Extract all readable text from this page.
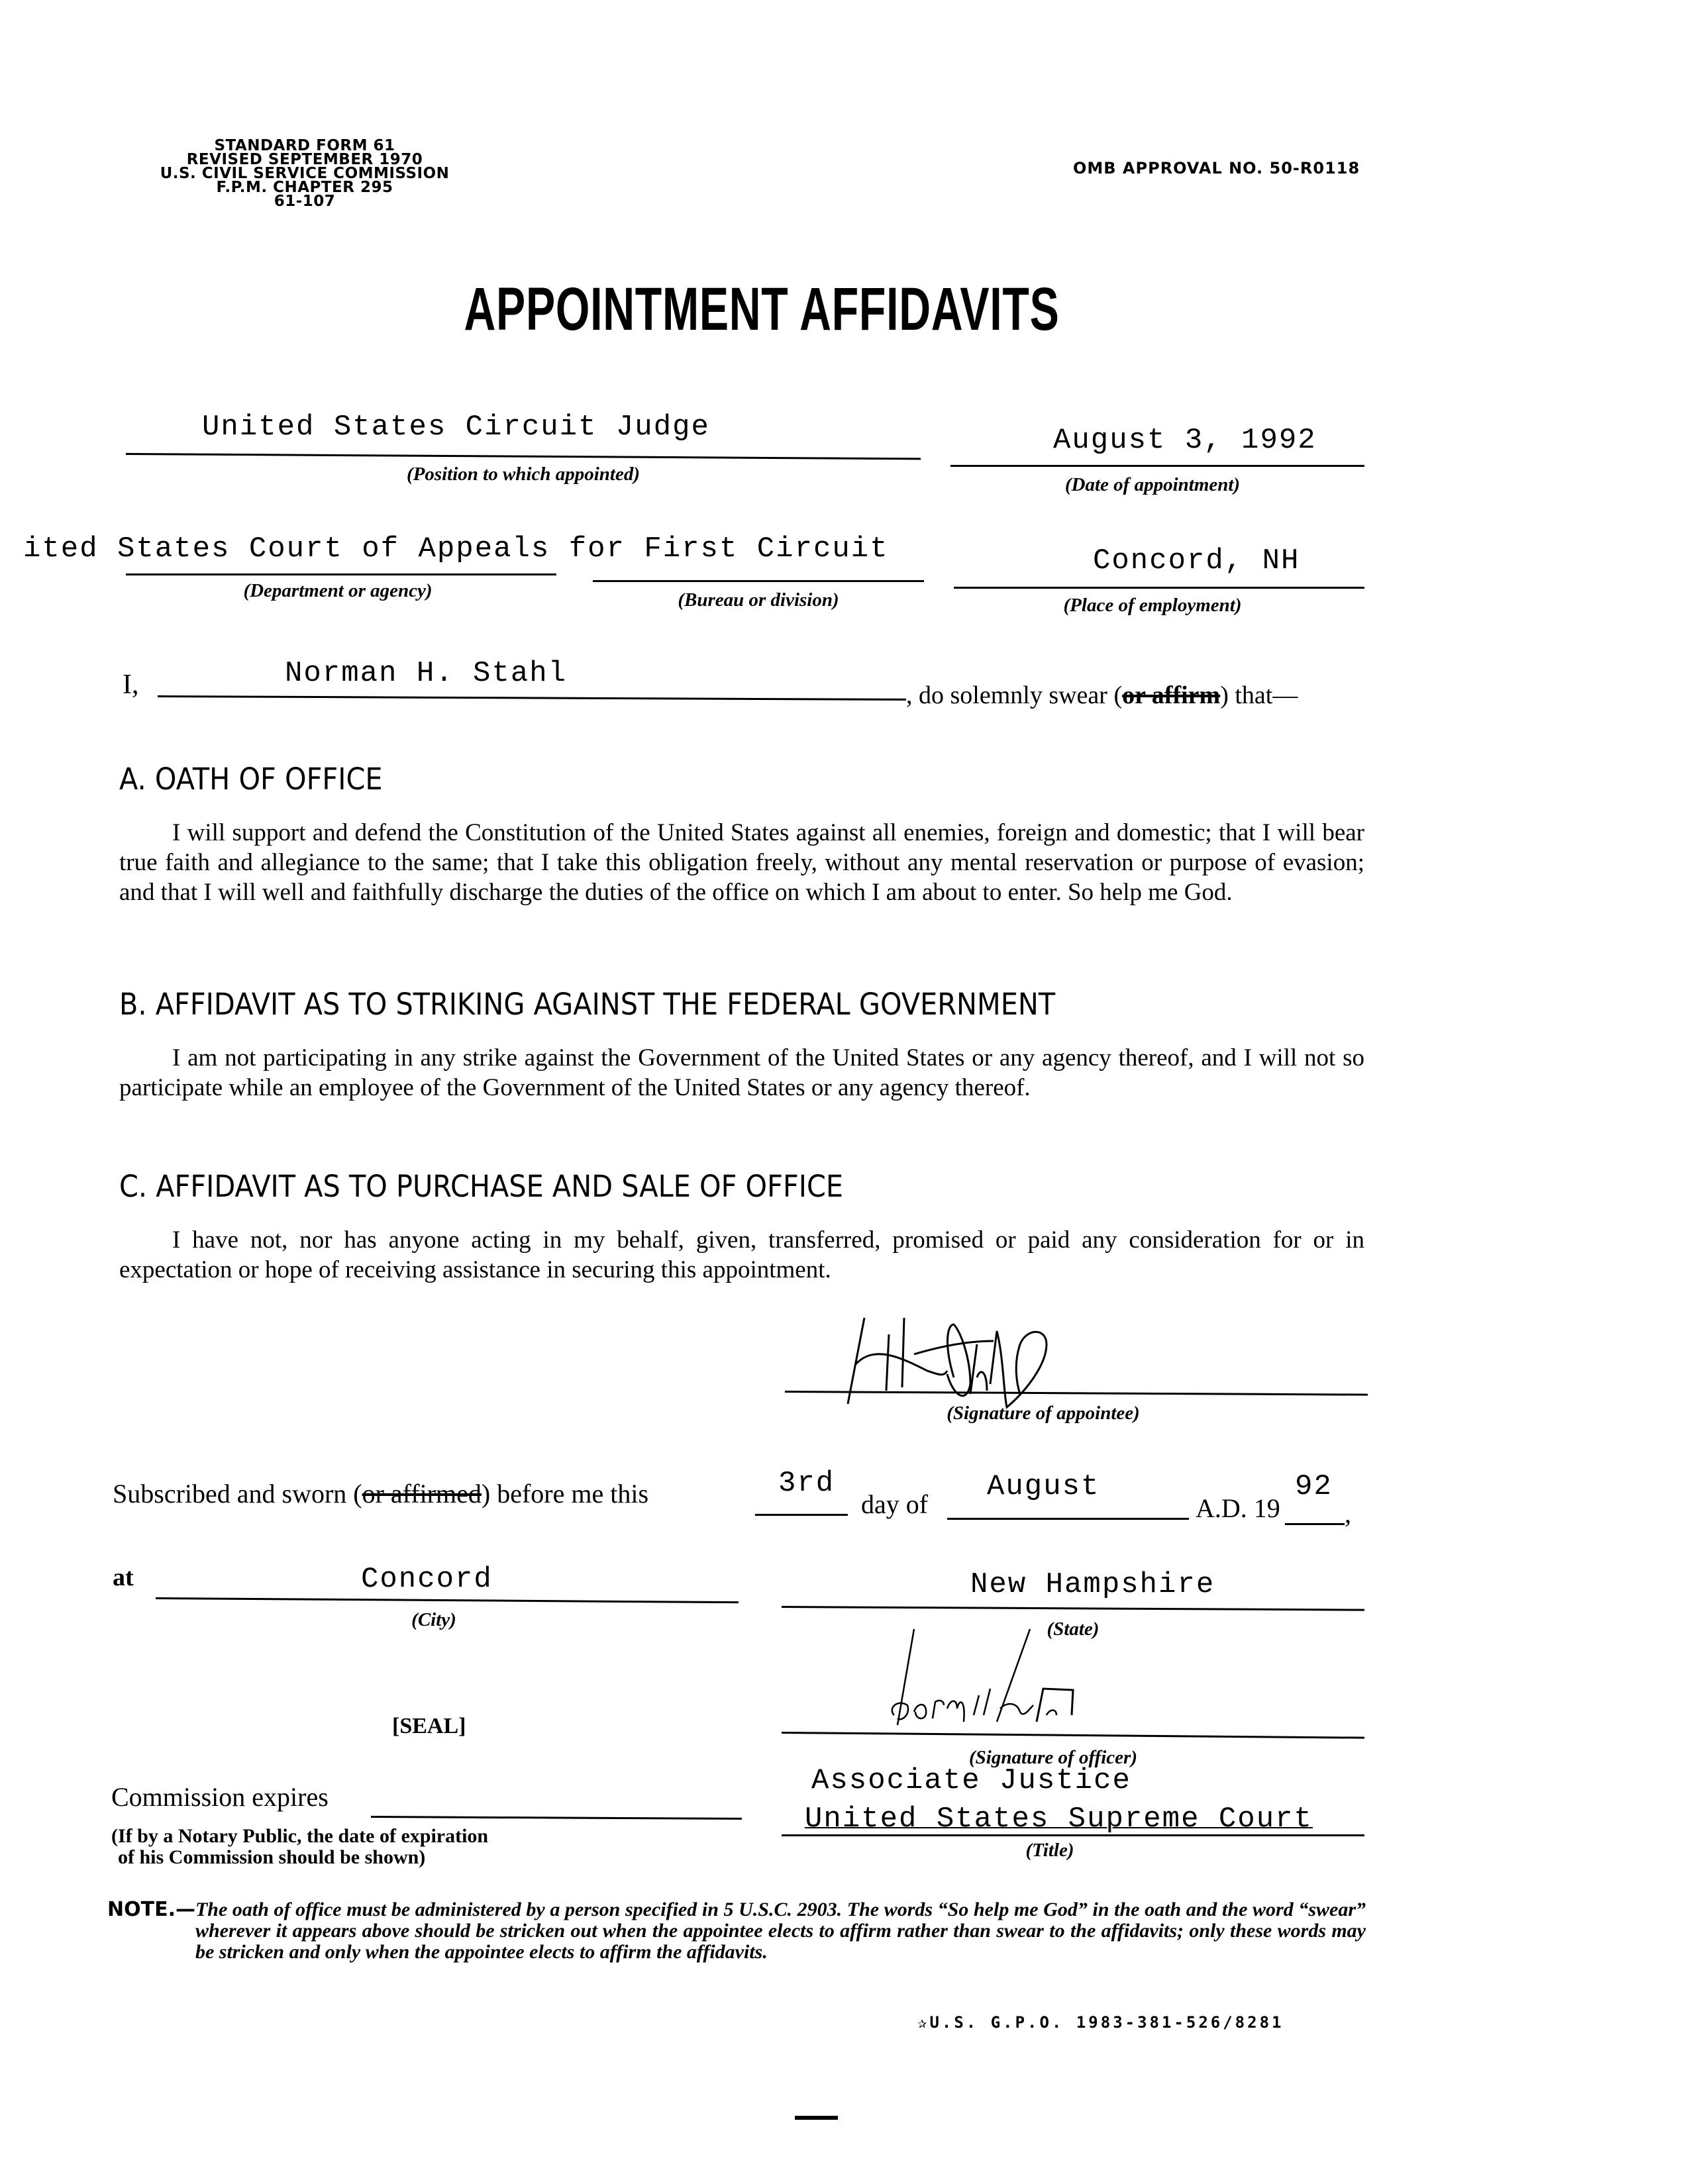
STANDARD FORM 61
REVISED SEPTEMBER 1970
U.S. CIVIL SERVICE COMMISSION
F.P.M. CHAPTER 295
61-107
OMB APPROVAL NO. 50-R0118
APPOINTMENT AFFIDAVITS
United States Circuit Judge
(Position to which appointed)
August 3, 1992
(Date of appointment)
ited States Court of Appeals for First Circuit
(Department or agency)	(Bureau or division)
Concord, NH
(Place of employment)
I,	Norman H. Stahl
, do solemnly swear (or affirm) that—
A. OATH OF OFFICE
I will support and defend the Constitution of the United States against all enemies, foreign and domestic; that I will bear true faith and allegiance to the same; that I take this obligation freely, without any mental reservation or purpose of evasion; and that I will well and faithfully discharge the duties of the office on which I am about to enter. So help me God.
B. AFFIDAVIT AS TO STRIKING AGAINST THE FEDERAL GOVERNMENT
I am not participating in any strike against the Government of the United States or any agency thereof, and I will not so participate while an employee of the Government of the United States or any agency thereof.
C. AFFIDAVIT AS TO PURCHASE AND SALE OF OFFICE
I have not, nor has anyone acting in my behalf, given, transferred, promised or paid any consideration for or in expectation or hope of receiving assistance in securing this appointment.
(Signature of appointee)
Subscribed and sworn (or affirmed) before me this	3rd
day of
August
A.D. 19
92
,
at	Concord
(City)
New Hampshire
(State)
[SEAL]
(Signature of officer)
Associate Justice
United States Supreme Court
(Title)
Commission expires
(If by a Notary Public, the date of expiration
of his Commission should be shown)
NOTE.— The oath of office must be administered by a person specified in 5 U.S.C. 2903. The words “So help me God” in the oath and the word “swear” wherever it appears above should be stricken out when the appointee elects to affirm rather than swear to the affidavits; only these words may be stricken and only when the appointee elects to affirm the affidavits.
✰U.S. G.P.O. 1983-381-526/8281
